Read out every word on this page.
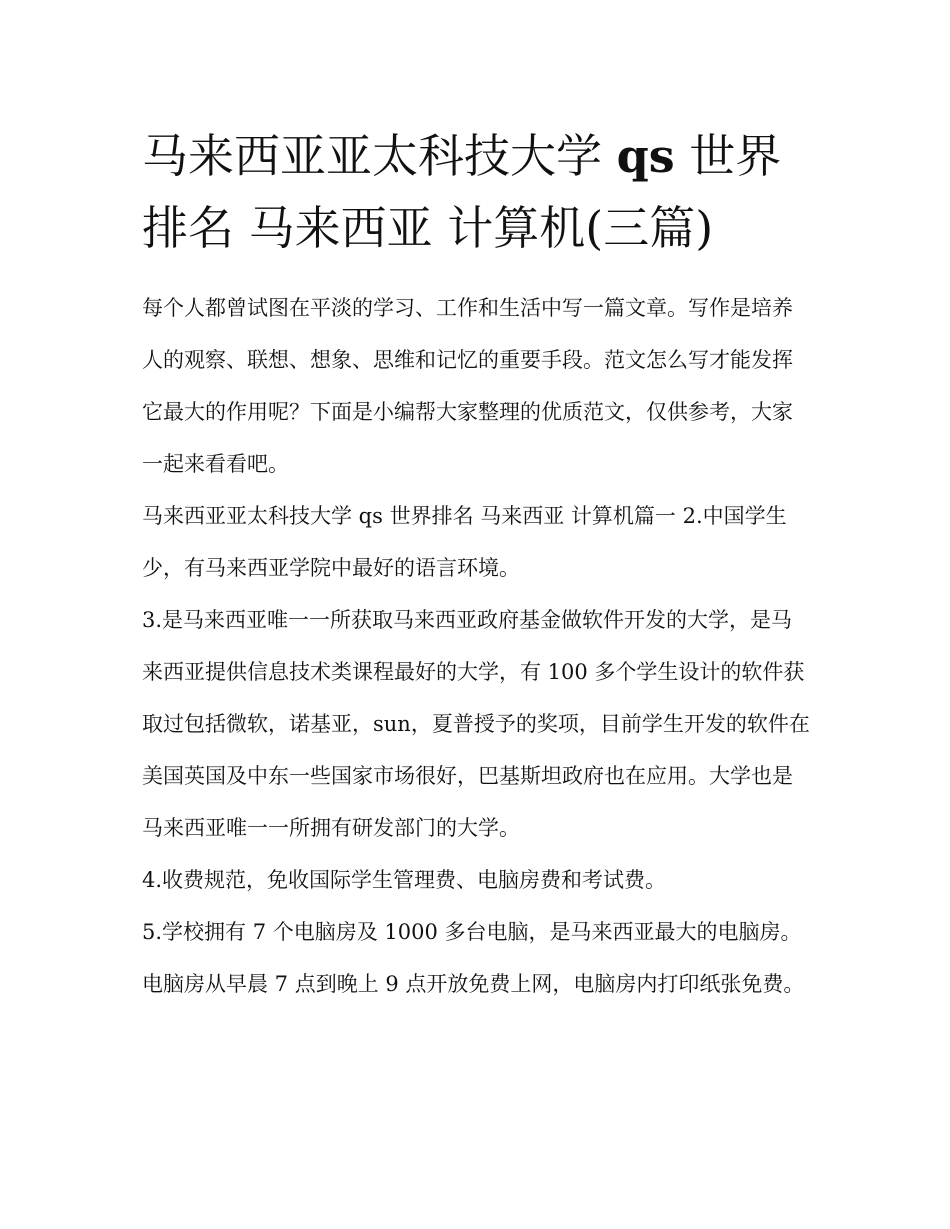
马来西亚亚太科技大学 qs 世界排名 马来西亚 计算机(三篇)

每个人都曾试图在平淡的学习、工作和生活中写一篇文章。写作是培养人的观察、联想、想象、思维和记忆的重要手段。范文怎么写才能发挥它最大的作用呢？下面是小编帮大家整理的优质范文，仅供参考，大家一起来看看吧。

马来西亚亚太科技大学 qs 世界排名 马来西亚 计算机篇一 2.中国学生少，有马来西亚学院中最好的语言环境。

3.是马来西亚唯一一所获取马来西亚政府基金做软件开发的大学，是马来西亚提供信息技术类课程最好的大学，有 100 多个学生设计的软件获取过包括微软，诺基亚，sun，夏普授予的奖项，目前学生开发的软件在美国英国及中东一些国家市场很好，巴基斯坦政府也在应用。大学也是马来西亚唯一一所拥有研发部门的大学。

4.收费规范，免收国际学生管理费、电脑房费和考试费。

5.学校拥有 7 个电脑房及 1000 多台电脑，是马来西亚最大的电脑房。电脑房从早晨 7 点到晚上 9 点开放免费上网，电脑房内打印纸张免费。
